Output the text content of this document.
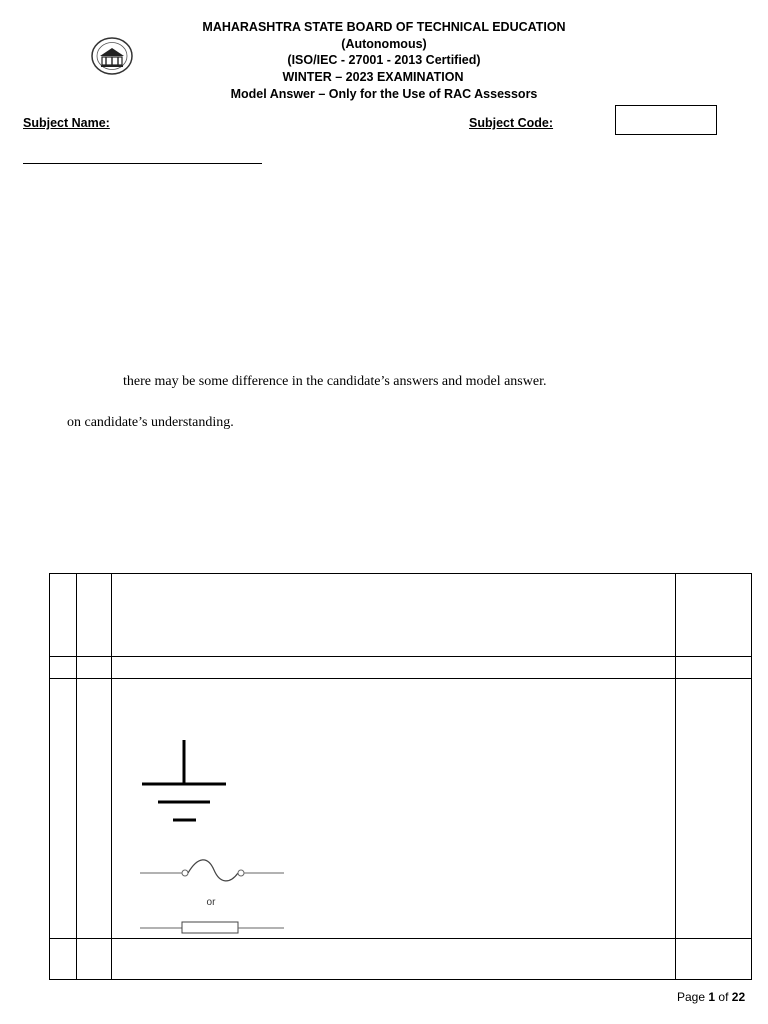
MAHARASHTRA STATE BOARD OF TECHNICAL EDUCATION
(Autonomous)
(ISO/IEC - 27001 - 2013 Certified)
WINTER – 2023 EXAMINATION
Model Answer – Only for the Use of RAC Assessors
Subject Name:	Subject Code:
there may be some difference in the candidate’s answers and model answer.
on candidate’s understanding.
or
Page 1 of 22
